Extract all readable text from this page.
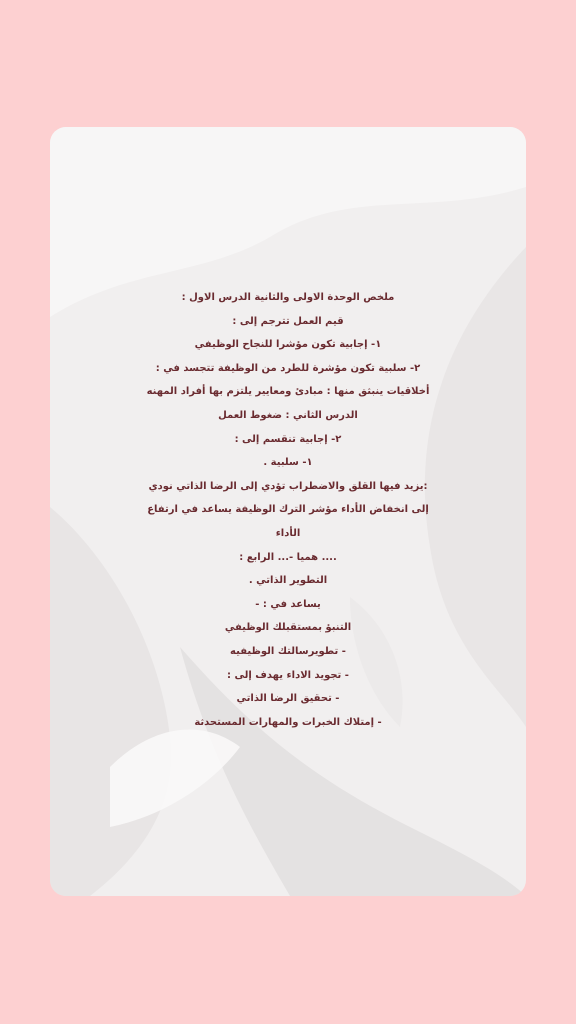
ملخص الوحدة الاولى والثانية الدرس الاول :
قيم العمل تترجم إلى :
١- إجابية تكون مؤشرا للنجاح الوظيفي
٢- سلبية تكون مؤشرة للطرد من الوظيفة تتجسد في :
أخلاقيات ينبثق منها : مبادئ ومعايير يلتزم بها أفراد المهنه
الدرس الثاني : ضغوط العمل
٢- إجابية تنقسم إلى :
١- سلبية .
:يزيد فيها القلق والاضطراب تؤدي إلى الرضا الذاتي نودي
إلى انخفاض الأداء مؤشر الترك الوظيفة يساعد في ارتفاع
الأداء
.... هميا -... الرابع :
التطوير الذاتي .
يساعد في : -
التنبؤ بمستقبلك الوظيفي
- تطويرسالتك الوظيفيه
- تجويد الاداء يهدف إلى :
- تحقيق الرضا الذاتي
- إمتلاك الخبرات والمهارات المستحدثة
